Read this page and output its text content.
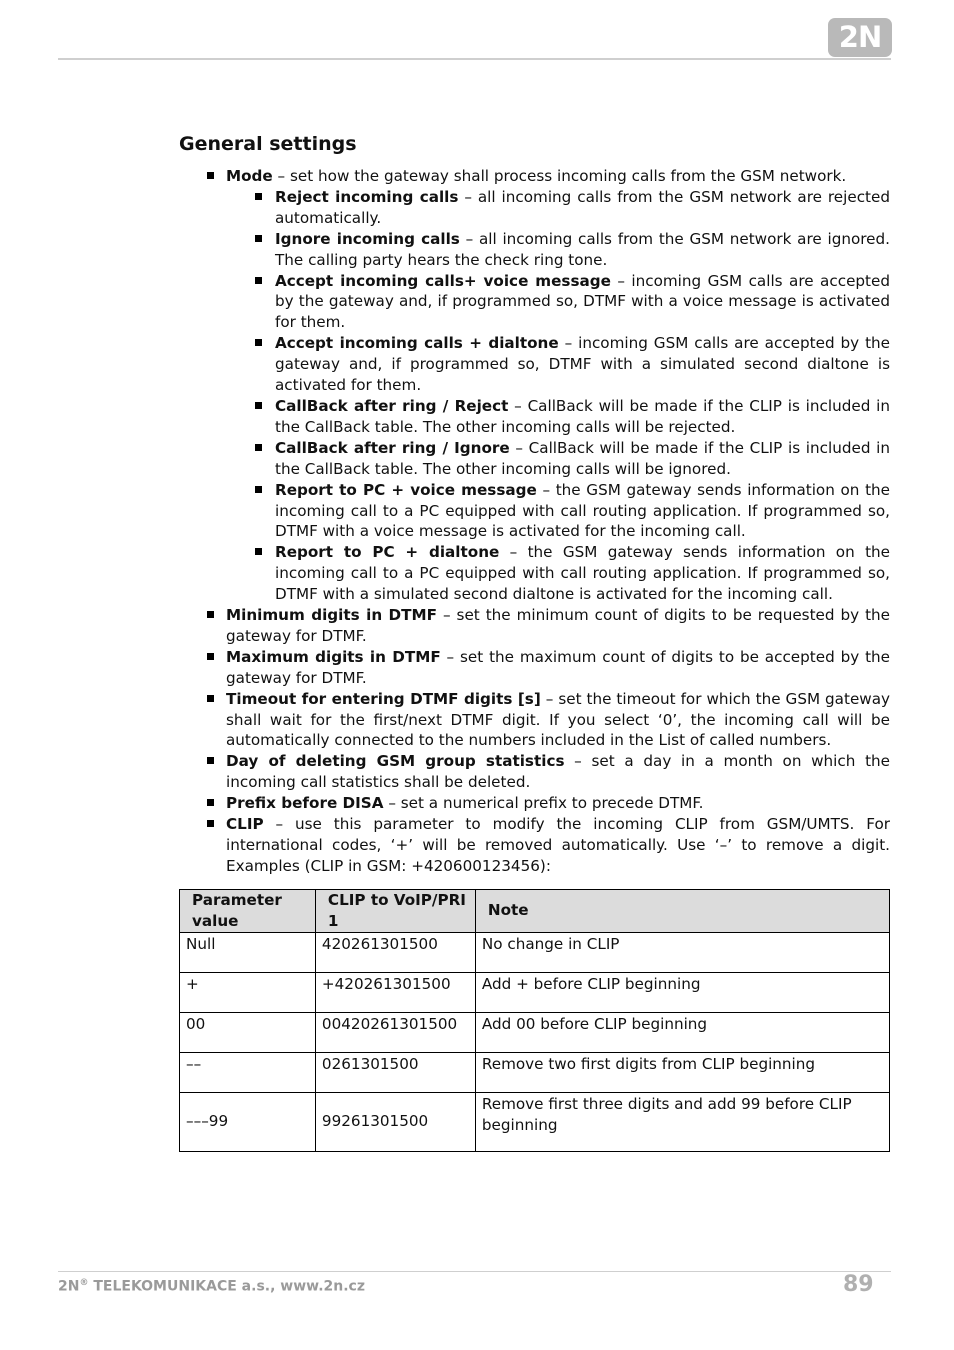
2N
General settings
Mode – set how the gateway shall process incoming calls from the GSM network.
Reject incoming calls – all incoming calls from the GSM network are rejected automatically.
Ignore incoming calls – all incoming calls from the GSM network are ignored. The calling party hears the check ring tone.
Accept incoming calls+ voice message – incoming GSM calls are accepted by the gateway and, if programmed so, DTMF with a voice message is activated for them.
Accept incoming calls + dialtone – incoming GSM calls are accepted by the gateway and, if programmed so, DTMF with a simulated second dialtone is activated for them.
CallBack after ring / Reject – CallBack will be made if the CLIP is included in the CallBack table. The other incoming calls will be rejected.
CallBack after ring / Ignore – CallBack will be made if the CLIP is included in the CallBack table. The other incoming calls will be ignored.
Report to PC + voice message – the GSM gateway sends information on the incoming call to a PC equipped with call routing application. If programmed so, DTMF with a voice message is activated for the incoming call.
Report to PC + dialtone – the GSM gateway sends information on the incoming call to a PC equipped with call routing application. If programmed so, DTMF with a simulated second dialtone is activated for the incoming call.
Minimum digits in DTMF – set the minimum count of digits to be requested by the gateway for DTMF.
Maximum digits in DTMF – set the maximum count of digits to be accepted by the gateway for DTMF.
Timeout for entering DTMF digits [s] – set the timeout for which the GSM gateway shall wait for the first/next DTMF digit. If you select ‘0’, the incoming call will be automatically connected to the numbers included in the List of called numbers.
Day of deleting GSM group statistics – set a day in a month on which the incoming call statistics shall be deleted.
Prefix before DISA – set a numerical prefix to precede DTMF.
CLIP – use this parameter to modify the incoming CLIP from GSM/UMTS. For international codes, ‘+’ will be removed automatically. Use ‘–’ to remove a digit. Examples (CLIP in GSM: +420600123456):
Parameter value	CLIP to VoIP/PRI 1	Note
Null	420261301500	No change in CLIP
+	+420261301500	Add + before CLIP beginning
00	00420261301500	Add 00 before CLIP beginning
––	0261301500	Remove two first digits from CLIP beginning
–––99	99261301500	Remove first three digits and add 99 before CLIP beginning
2N® TELEKOMUNIKACE a.s., www.2n.cz	89
